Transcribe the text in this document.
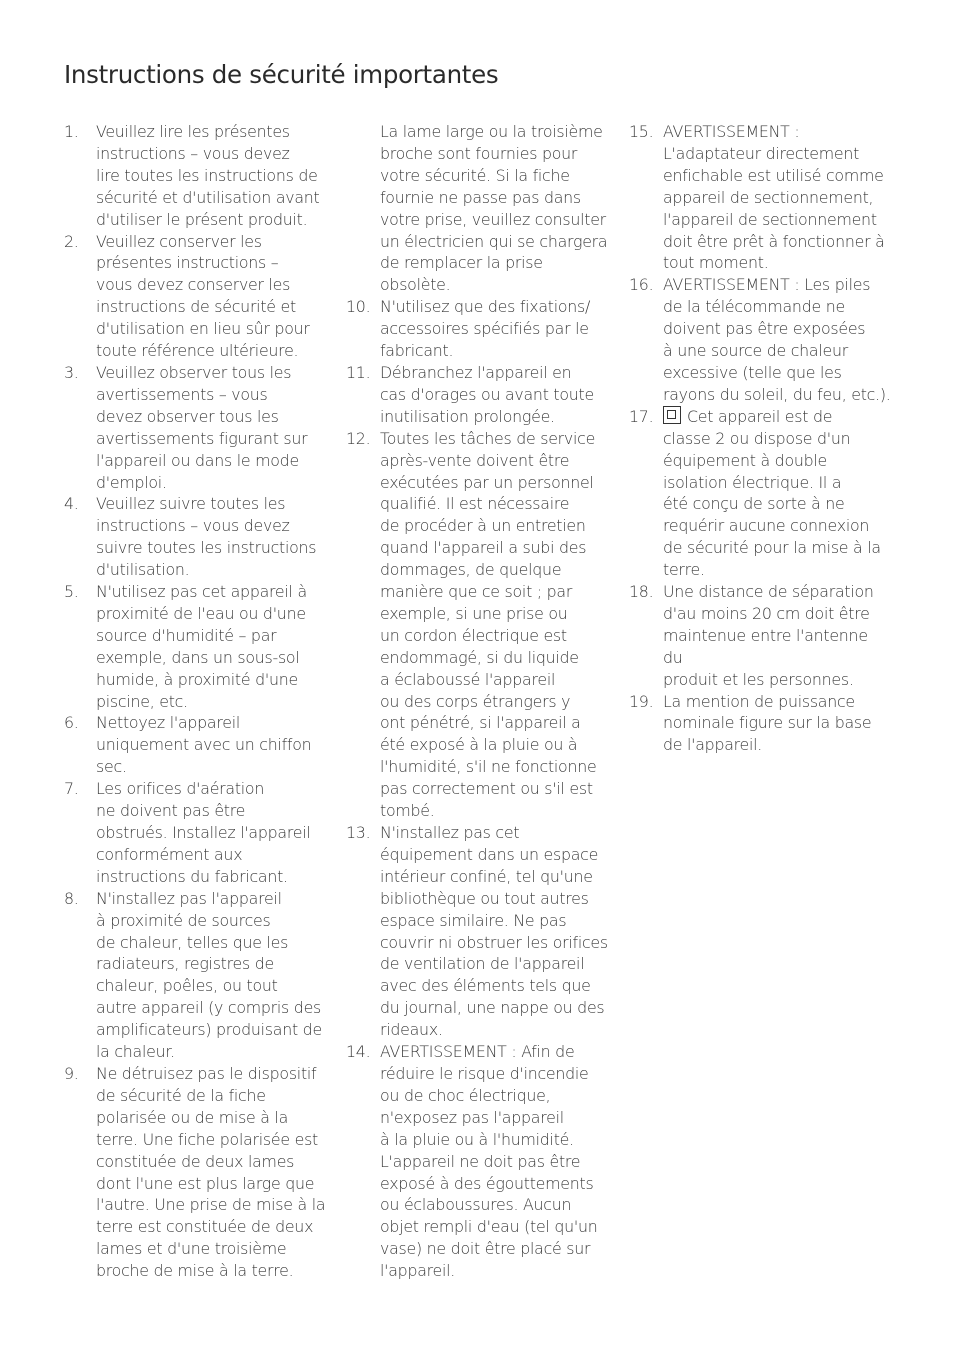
Instructions de sécurité importantes
1.	Veuillez lire les présentes
instructions – vous devez
lire toutes les instructions de
sécurité et d'utilisation avant
d'utiliser le présent produit.
2.	Veuillez conserver les
présentes instructions –
vous devez conserver les
instructions de sécurité et
d'utilisation en lieu sûr pour
toute référence ultérieure.
3.	Veuillez observer tous les
avertissements – vous
devez observer tous les
avertissements figurant sur
l'appareil ou dans le mode
d'emploi.
4.	Veuillez suivre toutes les
instructions – vous devez
suivre toutes les instructions
d'utilisation.
5.	N'utilisez pas cet appareil à
proximité de l'eau ou d'une
source d'humidité – par
exemple, dans un sous-sol
humide, à proximité d'une
piscine, etc.
6.	Nettoyez l'appareil
uniquement avec un chiffon
sec.
7.	Les orifices d'aération
ne doivent pas être
obstrués. Installez l'appareil
conformément aux
instructions du fabricant.
8.	N'installez pas l'appareil
à proximité de sources
de chaleur, telles que les
radiateurs, registres de
chaleur, poêles, ou tout
autre appareil (y compris des
amplificateurs) produisant de
la chaleur.
9.	Ne détruisez pas le dispositif
de sécurité de la fiche
polarisée ou de mise à la
terre. Une fiche polarisée est
constituée de deux lames
dont l'une est plus large que
l'autre. Une prise de mise à la
terre est constituée de deux
lames et d'une troisième
broche de mise à la terre.
La lame large ou la troisième
broche sont fournies pour
votre sécurité. Si la fiche
fournie ne passe pas dans
votre prise, veuillez consulter
un électricien qui se chargera
de remplacer la prise
obsolète.
10. N'utilisez que des fixations/
accessoires spécifiés par le
fabricant.
11. Débranchez l'appareil en
cas d'orages ou avant toute
inutilisation prolongée.
12. Toutes les tâches de service
après-vente doivent être
exécutées par un personnel
qualifié. Il est nécessaire
de procéder à un entretien
quand l'appareil a subi des
dommages, de quelque
manière que ce soit ; par
exemple, si une prise ou
un cordon électrique est
endommagé, si du liquide
a éclaboussé l'appareil
ou des corps étrangers y
ont pénétré, si l'appareil a
été exposé à la pluie ou à
l'humidité, s'il ne fonctionne
pas correctement ou s'il est
tombé.
13. N'installez pas cet
équipement dans un espace
intérieur confiné, tel qu'une
bibliothèque ou tout autres
espace similaire. Ne pas
couvrir ni obstruer les orifices
de ventilation de l'appareil
avec des éléments tels que
du journal, une nappe ou des
rideaux.
14. AVERTISSEMENT : Afin de
réduire le risque d'incendie
ou de choc électrique,
n'exposez pas l'appareil
à la pluie ou à l'humidité.
L'appareil ne doit pas être
exposé à des égouttements
ou éclaboussures. Aucun
objet rempli d'eau (tel qu'un
vase) ne doit être placé sur
l'appareil.
15. AVERTISSEMENT :
L'adaptateur directement
enfichable est utilisé comme
appareil de sectionnement,
l'appareil de sectionnement
doit être prêt à fonctionner à
tout moment.
16. AVERTISSEMENT : Les piles
de la télécommande ne
doivent pas être exposées
à une source de chaleur
excessive (telle que les
rayons du soleil, du feu, etc.).
17.	Cet appareil est de
classe 2 ou dispose d'un
équipement à double
isolation électrique. Il a
été conçu de sorte à ne
requérir aucune connexion
de sécurité pour la mise à la
terre.
18. Une distance de séparation
d'au moins 20 cm doit être
maintenue entre l'antenne du
produit et les personnes.
19. La mention de puissance
nominale figure sur la base
de l'appareil.
